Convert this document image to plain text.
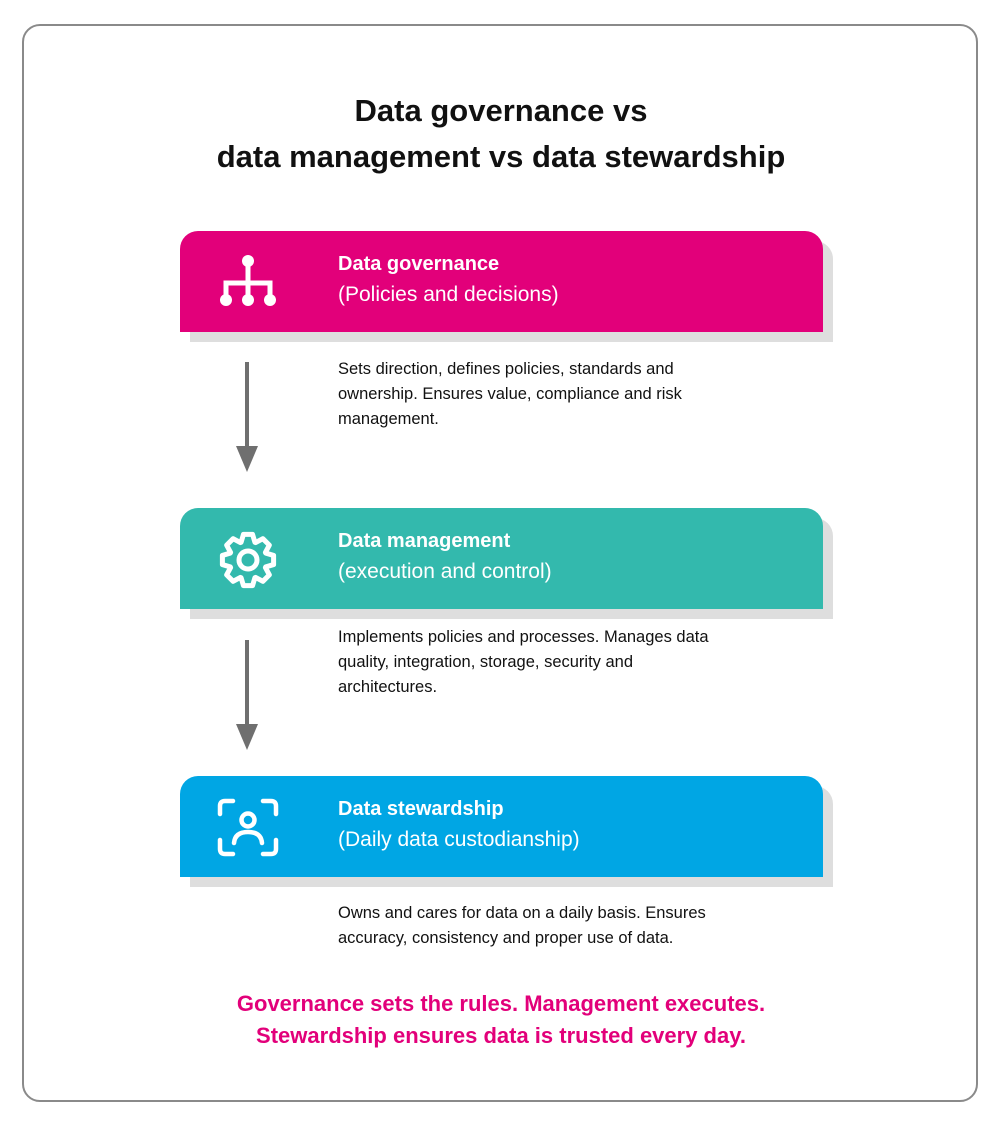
Data governance vs
data management vs data stewardship

Data governance

(Policies and decisions)

Sets direction, defines policies, standards and
ownership. Ensures value, compliance and risk
management.

Data management

(execution and control)

Implements policies and processes. Manages data
quality, integration, storage, security and
architectures.

Data stewardship

(Daily data custodianship)

Owns and cares for data on a daily basis. Ensures
accuracy, consistency and proper use of data.

Governance sets the rules. Management executes.

Stewardship ensures data is trusted every day.
